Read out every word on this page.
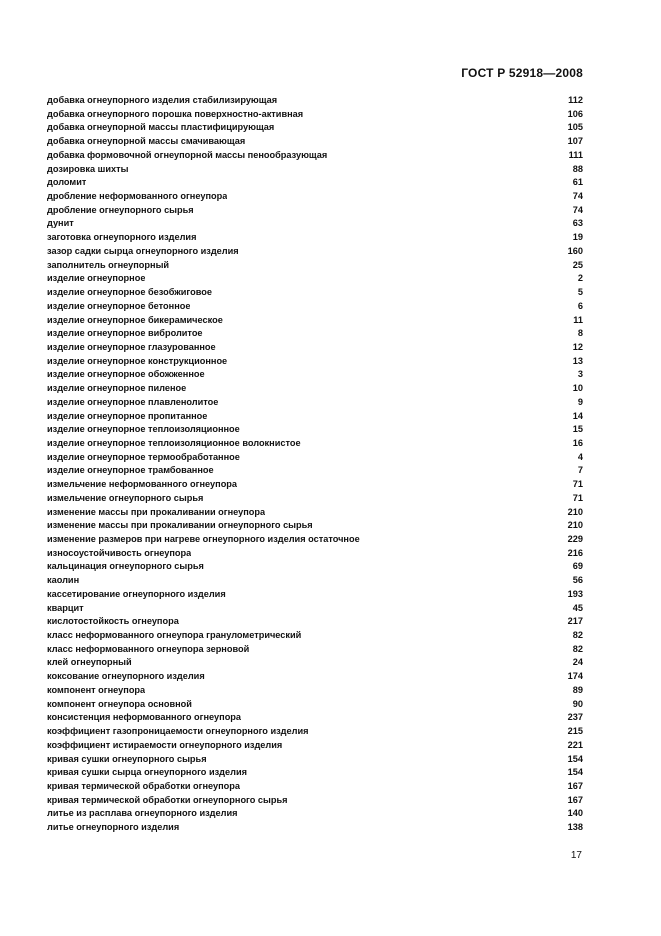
ГОСТ Р 52918—2008
добавка огнеупорного изделия стабилизирующая	112
добавка огнеупорного порошка поверхностно-активная	106
добавка огнеупорной массы пластифицирующая	105
добавка огнеупорной массы смачивающая	107
добавка формовочной огнеупорной массы пенообразующая	111
дозировка шихты	88
доломит	61
дробление неформованного огнеупора	74
дробление огнеупорного сырья	74
дунит	63
заготовка огнеупорного изделия	19
зазор садки сырца огнеупорного изделия	160
заполнитель огнеупорный	25
изделие огнеупорное	2
изделие огнеупорное безобжиговое	5
изделие огнеупорное бетонное	6
изделие огнеупорное бикерамическое	11
изделие огнеупорное вибролитое	8
изделие огнеупорное глазурованное	12
изделие огнеупорное конструкционное	13
изделие огнеупорное обожженное	3
изделие огнеупорное пиленое	10
изделие огнеупорное плавленолитое	9
изделие огнеупорное пропитанное	14
изделие огнеупорное теплоизоляционное	15
изделие огнеупорное теплоизоляционное волокнистое	16
изделие огнеупорное термообработанное	4
изделие огнеупорное трамбованное	7
измельчение неформованного огнеупора	71
измельчение огнеупорного сырья	71
изменение массы при прокаливании огнеупора	210
изменение массы при прокаливании огнеупорного сырья	210
изменение размеров при нагреве огнеупорного изделия остаточное	229
износоустойчивость огнеупора	216
кальцинация огнеупорного сырья	69
каолин	56
кассетирование огнеупорного изделия	193
кварцит	45
кислотостойкость огнеупора	217
класс неформованного огнеупора гранулометрический	82
класс неформованного огнеупора зерновой	82
клей огнеупорный	24
коксование огнеупорного изделия	174
компонент огнеупора	89
компонент огнеупора основной	90
консистенция неформованного огнеупора	237
коэффициент газопроницаемости огнеупорного изделия	215
коэффициент истираемости огнеупорного изделия	221
кривая сушки огнеупорного сырья	154
кривая сушки сырца огнеупорного изделия	154
кривая термической обработки огнеупора	167
кривая термической обработки огнеупорного сырья	167
литье из расплава огнеупорного изделия	140
литье огнеупорного изделия	138
17
